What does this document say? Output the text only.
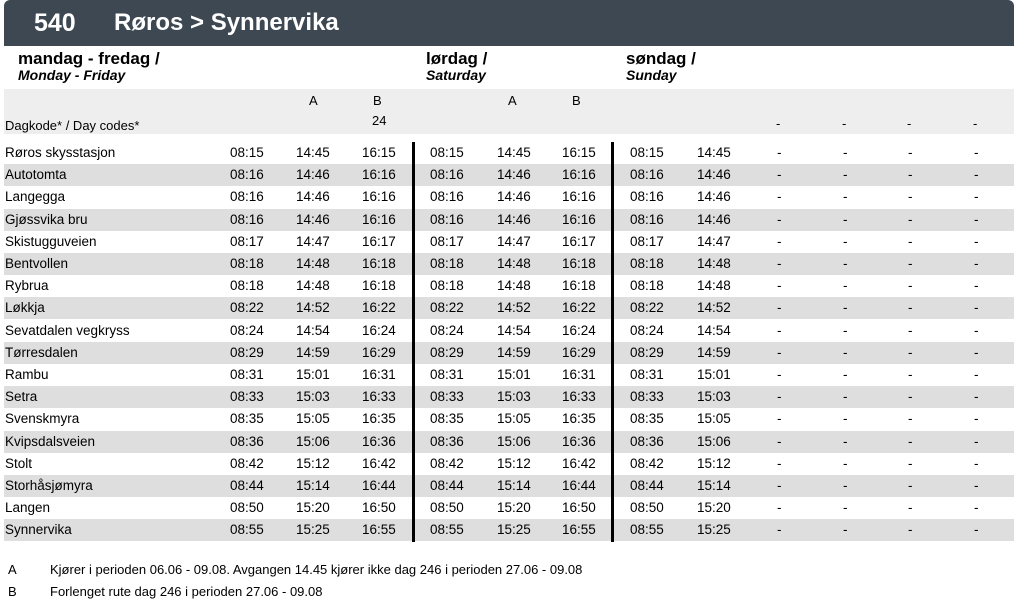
540	Røros > Synnervika
mandag - fredag /
Monday - Friday
lørdag /
Saturday
søndag /
Sunday
A	B
24
A	B
Dagkode* / Day codes*	-	-	-	-
Røros skysstasjon	08:15 14:45 16:15	08:15 14:45 16:15	08:15 14:45	-	-	-	-
Autotomta	08:16 14:46 16:16	08:16 14:46 16:16	08:16 14:46	-	-	-	-
Langegga	08:16 14:46 16:16	08:16 14:46 16:16	08:16 14:46	-	-	-	-
Gjøssvika bru	08:16 14:46 16:16	08:16 14:46 16:16	08:16 14:46	-	-	-	-
Skistugguveien	08:17 14:47 16:17	08:17 14:47 16:17	08:17 14:47	-	-	-	-
Bentvollen	08:18 14:48 16:18	08:18 14:48 16:18	08:18 14:48	-	-	-	-
Rybrua	08:18 14:48 16:18	08:18 14:48 16:18	08:18 14:48	-	-	-	-
Løkkja	08:22 14:52 16:22	08:22 14:52 16:22	08:22 14:52	-	-	-	-
Sevatdalen vegkryss	08:24 14:54 16:24	08:24 14:54 16:24	08:24 14:54	-	-	-	-
Tørresdalen	08:29 14:59 16:29	08:29 14:59 16:29	08:29 14:59	-	-	-	-
Rambu	08:31 15:01 16:31	08:31 15:01 16:31	08:31 15:01	-	-	-	-
Setra	08:33 15:03 16:33	08:33 15:03 16:33	08:33 15:03	-	-	-	-
Svenskmyra	08:35 15:05 16:35	08:35 15:05 16:35	08:35 15:05	-	-	-	-
Kvipsdalsveien	08:36 15:06 16:36	08:36 15:06 16:36	08:36 15:06	-	-	-	-
Stolt	08:42 15:12 16:42	08:42 15:12 16:42	08:42 15:12	-	-	-	-
Storhåsjømyra	08:44 15:14 16:44	08:44 15:14 16:44	08:44 15:14	-	-	-	-
Langen	08:50 15:20 16:50	08:50 15:20 16:50	08:50 15:20	-	-	-	-
Synnervika	08:55 15:25 16:55	08:55 15:25 16:55	08:55 15:25	-	-	-	-
A	Kjører i perioden 06.06 - 09.08. Avgangen 14.45 kjører ikke dag 246 i perioden 27.06 - 09.08
B	Forlenget rute dag 246 i perioden 27.06 - 09.08
